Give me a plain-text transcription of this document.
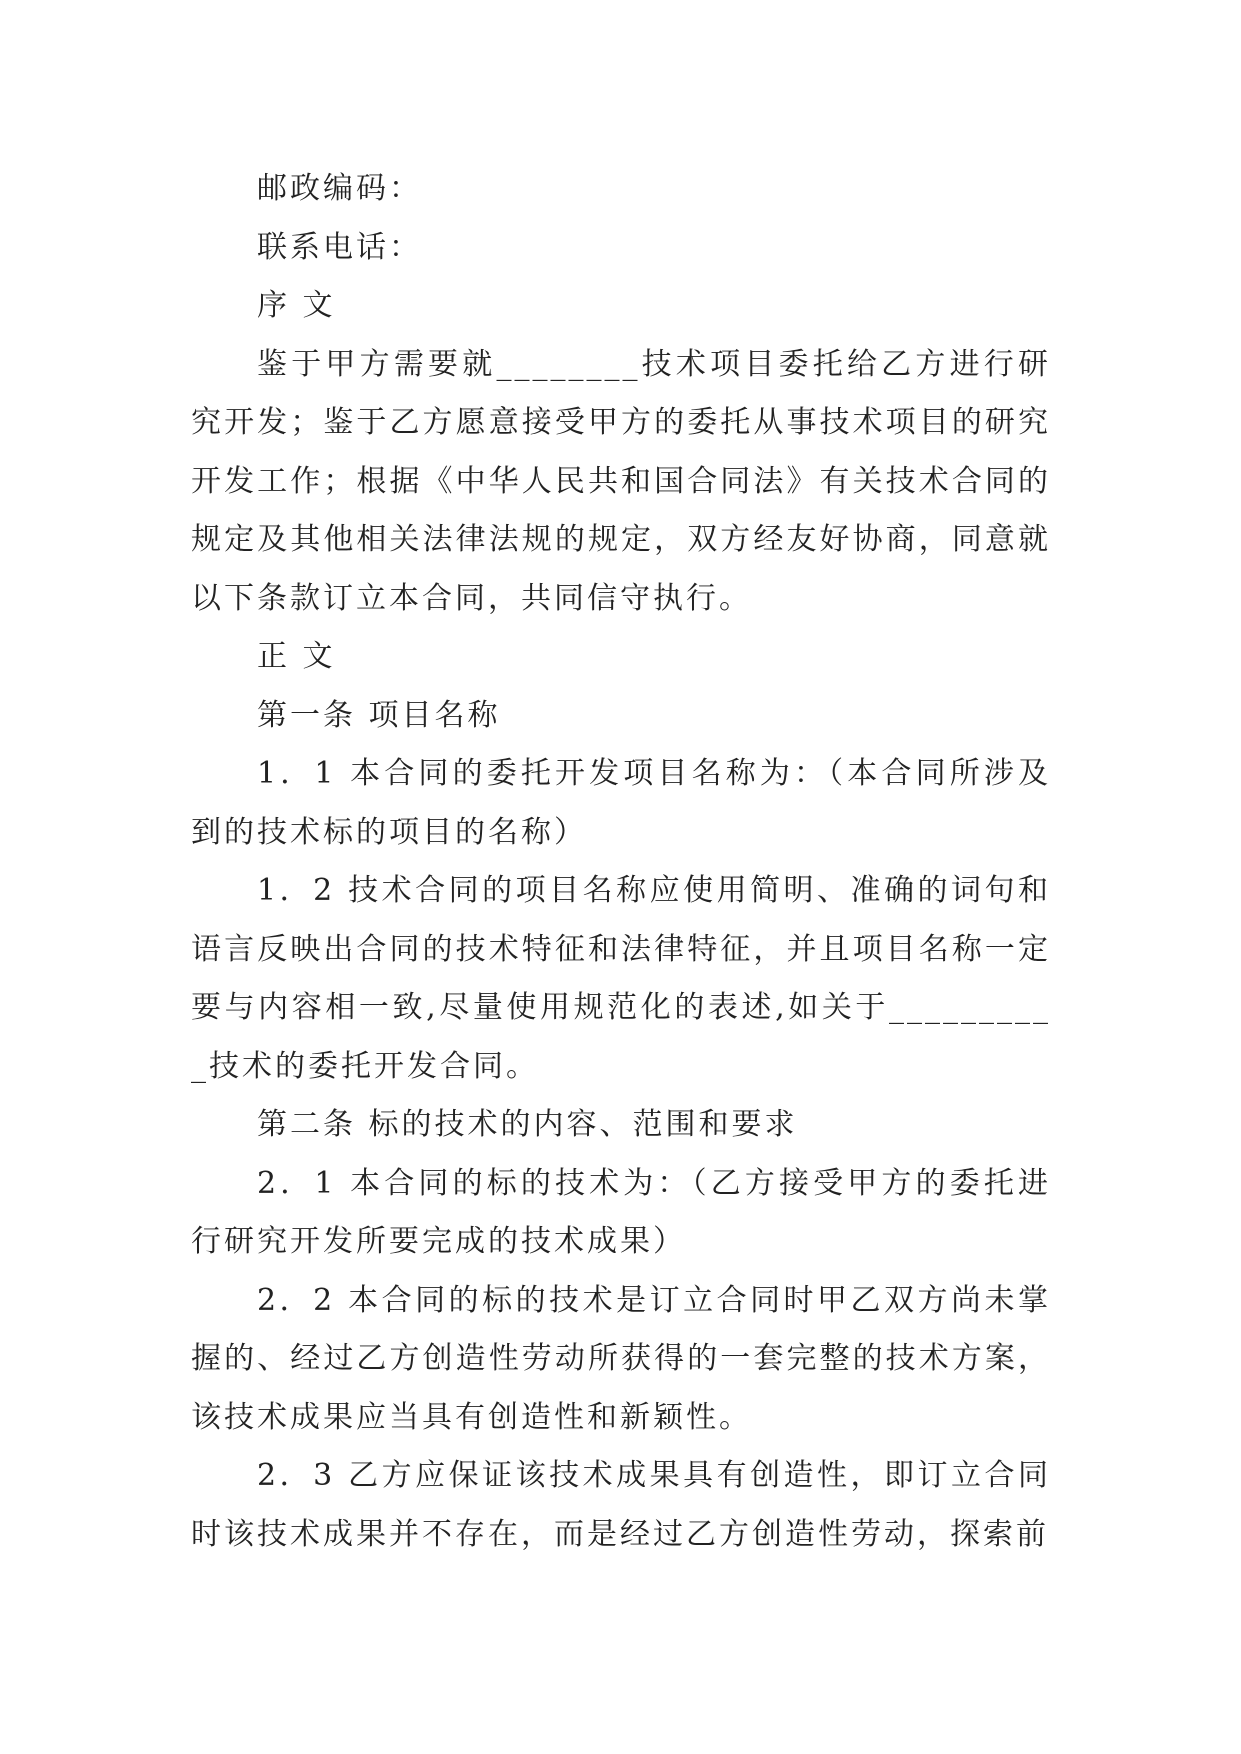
邮政编码：

联系电话：

序 文

鉴于甲方需要就________技术项目委托给乙方进行研究开发；鉴于乙方愿意接受甲方的委托从事技术项目的研究开发工作；根据《中华人民共和国合同法》有关技术合同的规定及其他相关法律法规的规定，双方经友好协商，同意就以下条款订立本合同，共同信守执行。

正 文

第一条 项目名称

1．1 本合同的委托开发项目名称为：（本合同所涉及到的技术标的项目的名称）

1．2 技术合同的项目名称应使用简明、准确的词句和语言反映出合同的技术特征和法律特征，并且项目名称一定要与内容相一致,尽量使用规范化的表述,如关于__________技术的委托开发合同。

第二条 标的技术的内容、范围和要求

2．1 本合同的标的技术为：（乙方接受甲方的委托进行研究开发所要完成的技术成果）

2．2 本合同的标的技术是订立合同时甲乙双方尚未掌握的、经过乙方创造性劳动所获得的一套完整的技术方案，该技术成果应当具有创造性和新颖性。

2．3 乙方应保证该技术成果具有创造性，即订立合同时该技术成果并不存在，而是经过乙方创造性劳动，探索前
